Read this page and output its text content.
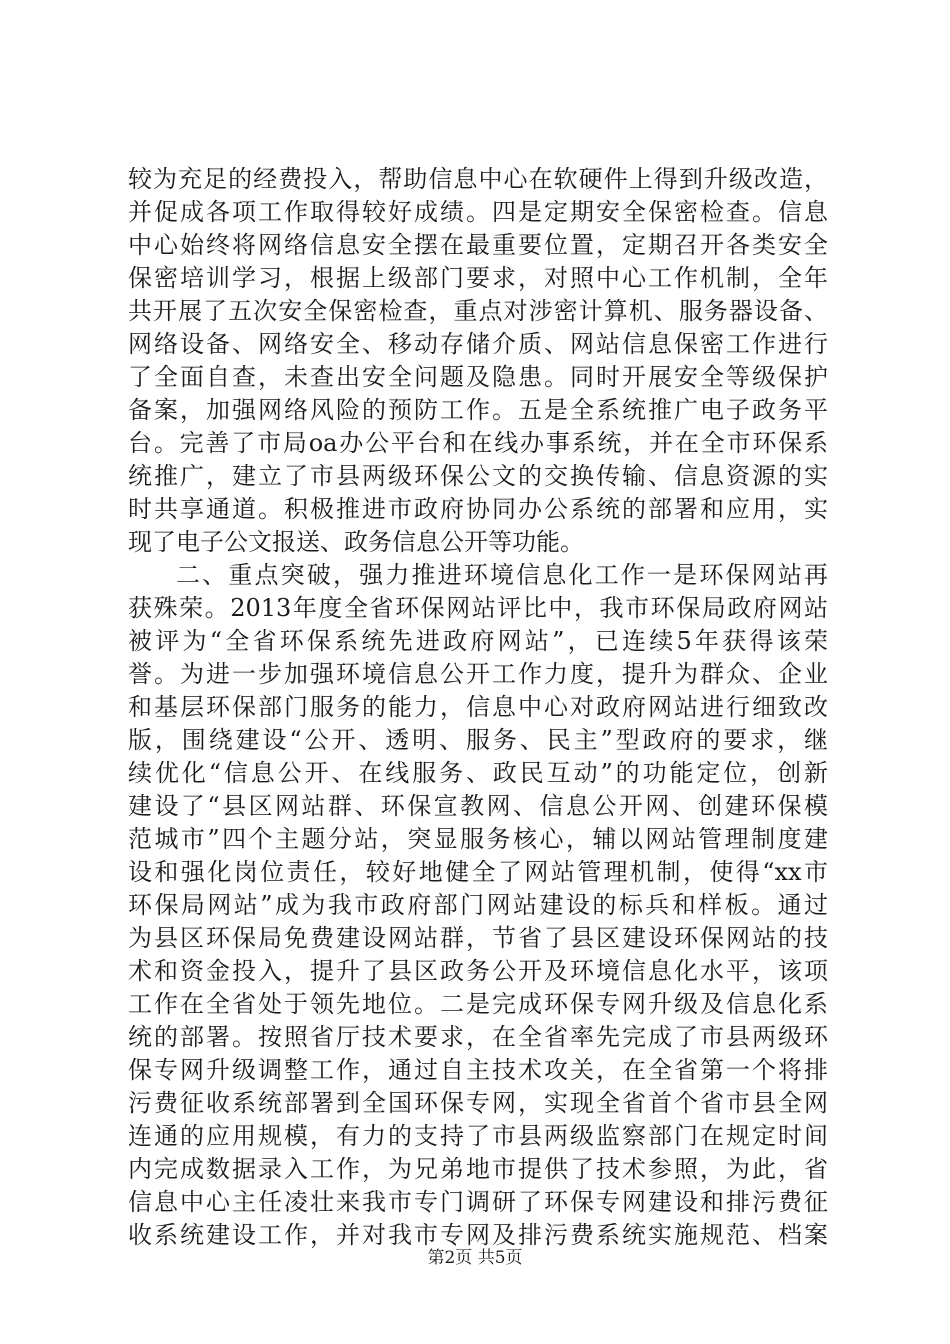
较为充足的经费投入，帮助信息中心在软硬件上得到升级改造，
并促成各项工作取得较好成绩。四是定期安全保密检查。信息
中心始终将网络信息安全摆在最重要位置，定期召开各类安全
保密培训学习，根据上级部门要求，对照中心工作机制，全年
共开展了五次安全保密检查，重点对涉密计算机、服务器设备、
网络设备、网络安全、移动存储介质、网站信息保密工作进行
了全面自查，未查出安全问题及隐患。同时开展安全等级保护
备案，加强网络风险的预防工作。五是全系统推广电子政务平
台。完善了市局oa办公平台和在线办事系统，并在全市环保系
统推广，建立了市县两级环保公文的交换传输、信息资源的实
时共享通道。积极推进市政府协同办公系统的部署和应用，实
现了电子公文报送、政务信息公开等功能。
二、重点突破，强力推进环境信息化工作一是环保网站再
获殊荣。2013年度全省环保网站评比中，我市环保局政府网站
被评为“全省环保系统先进政府网站”，已连续5年获得该荣
誉。为进一步加强环境信息公开工作力度，提升为群众、企业
和基层环保部门服务的能力，信息中心对政府网站进行细致改
版，围绕建设“公开、透明、服务、民主”型政府的要求，继
续优化“信息公开、在线服务、政民互动”的功能定位，创新
建设了“县区网站群、环保宣教网、信息公开网、创建环保模
范城市”四个主题分站，突显服务核心，辅以网站管理制度建
设和强化岗位责任，较好地健全了网站管理机制，使得“xx市
环保局网站”成为我市政府部门网站建设的标兵和样板。通过
为县区环保局免费建设网站群，节省了县区建设环保网站的技
术和资金投入，提升了县区政务公开及环境信息化水平，该项
工作在全省处于领先地位。二是完成环保专网升级及信息化系
统的部署。按照省厅技术要求，在全省率先完成了市县两级环
保专网升级调整工作，通过自主技术攻关，在全省第一个将排
污费征收系统部署到全国环保专网，实现全省首个省市县全网
连通的应用规模，有力的支持了市县两级监察部门在规定时间
内完成数据录入工作，为兄弟地市提供了技术参照，为此，省
信息中心主任凌壮来我市专门调研了环保专网建设和排污费征
收系统建设工作，并对我市专网及排污费系统实施规范、档案
第2页 共5页
